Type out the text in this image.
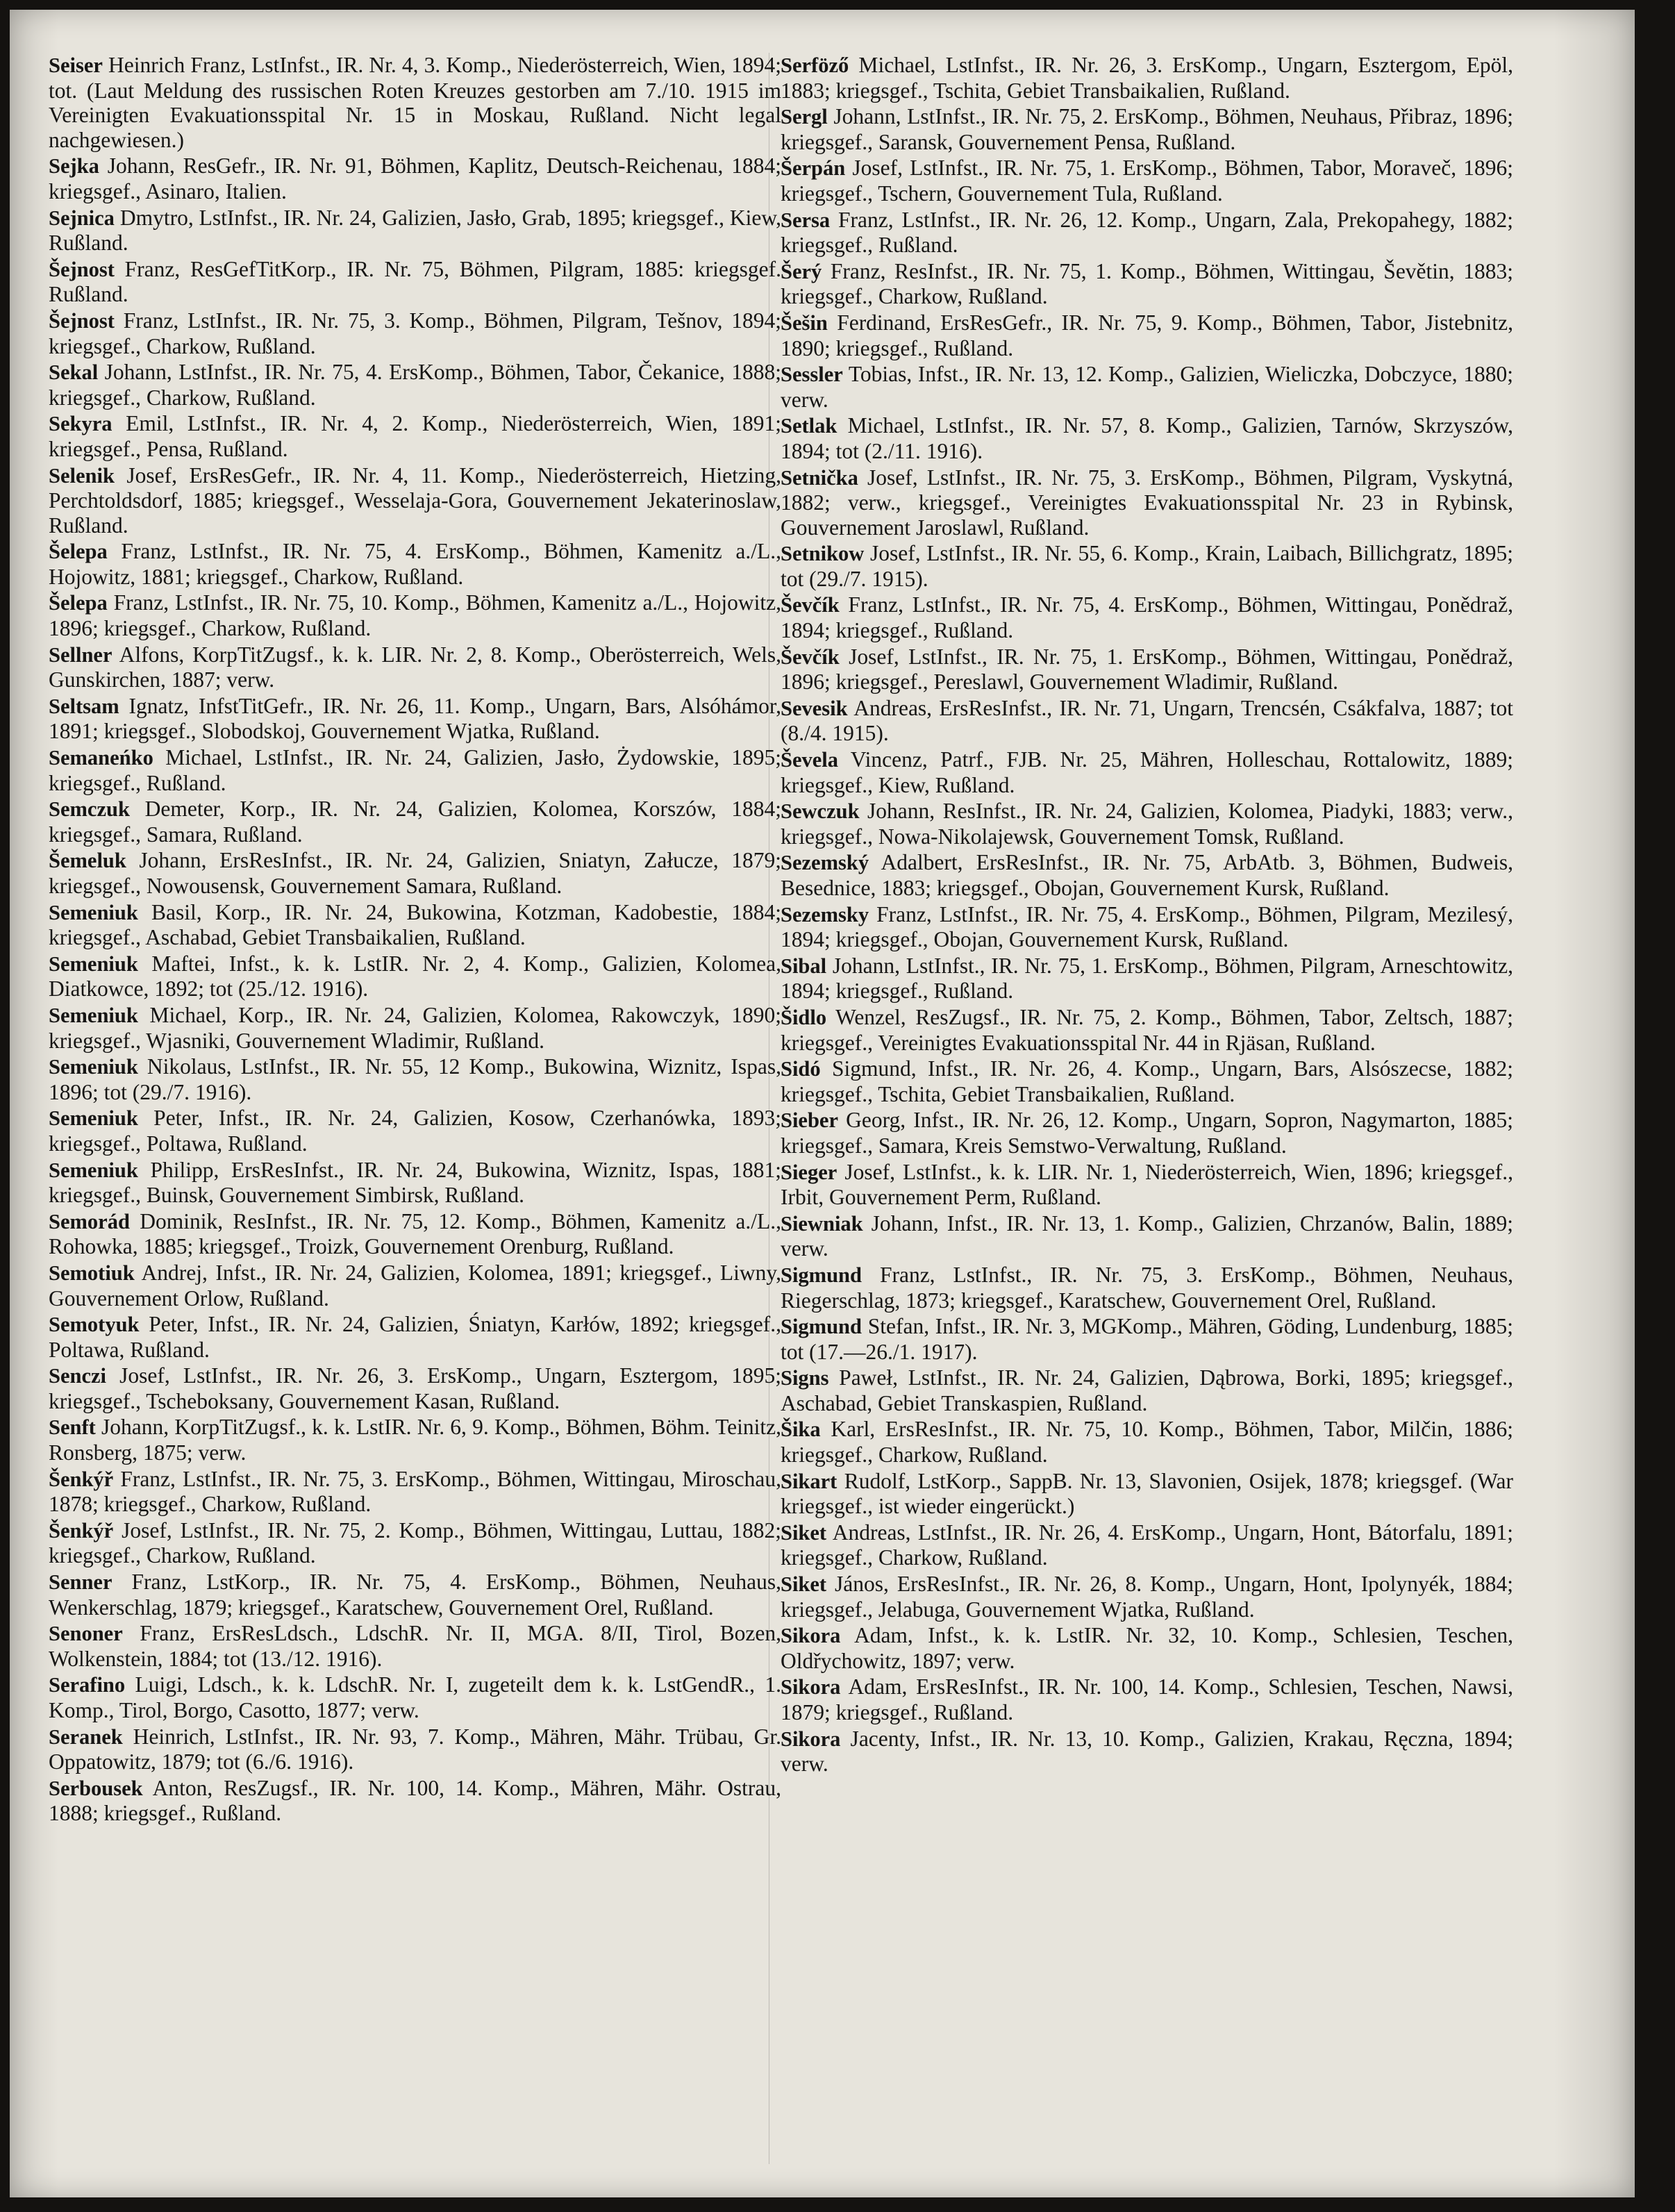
Seiser Heinrich Franz, LstInfst., IR. Nr. 4, 3. Komp., Niederösterreich, Wien, 1894; tot. (Laut Meldung des russischen Roten Kreuzes gestorben am 7./10. 1915 im Vereinigten Evakuationsspital Nr. 15 in Moskau, Rußland. Nicht legal nachgewiesen.)

Sejka Johann, ResGefr., IR. Nr. 91, Böhmen, Kaplitz, Deutsch-Reichenau, 1884; kriegsgef., Asinaro, Italien.

Sejnica Dmytro, LstInfst., IR. Nr. 24, Galizien, Jasło, Grab, 1895; kriegsgef., Kiew, Rußland.

Šejnost Franz, ResGefTitKorp., IR. Nr. 75, Böhmen, Pilgram, 1885: kriegsgef. Rußland.

Šejnost Franz, LstInfst., IR. Nr. 75, 3. Komp., Böhmen, Pilgram, Tešnov, 1894; kriegsgef., Charkow, Rußland.

Sekal Johann, LstInfst., IR. Nr. 75, 4. ErsKomp., Böhmen, Tabor, Čekanice, 1888; kriegsgef., Charkow, Rußland.

Sekyra Emil, LstInfst., IR. Nr. 4, 2. Komp., Niederösterreich, Wien, 1891; kriegsgef., Pensa, Rußland.

Selenik Josef, ErsResGefr., IR. Nr. 4, 11. Komp., Niederösterreich, Hietzing, Perchtoldsdorf, 1885; kriegsgef., Wesselaja-Gora, Gouvernement Jekaterinoslaw, Rußland.

Šelepa Franz, LstInfst., IR. Nr. 75, 4. ErsKomp., Böhmen, Kamenitz a./L., Hojowitz, 1881; kriegsgef., Charkow, Rußland.

Šelepa Franz, LstInfst., IR. Nr. 75, 10. Komp., Böhmen, Kamenitz a./L., Hojowitz, 1896; kriegsgef., Charkow, Rußland.

Sellner Alfons, KorpTitZugsf., k. k. LIR. Nr. 2, 8. Komp., Oberösterreich, Wels, Gunskirchen, 1887; verw.

Seltsam Ignatz, InfstTitGefr., IR. Nr. 26, 11. Komp., Ungarn, Bars, Alsóhámor, 1891; kriegsgef., Slobodskoj, Gouvernement Wjatka, Rußland.

Semaneńko Michael, LstInfst., IR. Nr. 24, Galizien, Jasło, Żydowskie, 1895; kriegsgef., Rußland.

Semczuk Demeter, Korp., IR. Nr. 24, Galizien, Kolomea, Korszów, 1884; kriegsgef., Samara, Rußland.

Šemeluk Johann, ErsResInfst., IR. Nr. 24, Galizien, Sniatyn, Załucze, 1879; kriegsgef., Nowousensk, Gouvernement Samara, Rußland.

Semeniuk Basil, Korp., IR. Nr. 24, Bukowina, Kotzman, Kadobestie, 1884; kriegsgef., Aschabad, Gebiet Transbaikalien, Rußland.

Semeniuk Maftei, Infst., k. k. LstIR. Nr. 2, 4. Komp., Galizien, Kolomea, Diatkowce, 1892; tot (25./12. 1916).

Semeniuk Michael, Korp., IR. Nr. 24, Galizien, Kolomea, Rakowczyk, 1890; kriegsgef., Wjasniki, Gouvernement Wladimir, Rußland.

Semeniuk Nikolaus, LstInfst., IR. Nr. 55, 12 Komp., Bukowina, Wiznitz, Ispas, 1896; tot (29./7. 1916).

Semeniuk Peter, Infst., IR. Nr. 24, Galizien, Kosow, Czerhanówka, 1893; kriegsgef., Poltawa, Rußland.

Semeniuk Philipp, ErsResInfst., IR. Nr. 24, Bukowina, Wiznitz, Ispas, 1881; kriegsgef., Buinsk, Gouvernement Simbirsk, Rußland.

Semorád Dominik, ResInfst., IR. Nr. 75, 12. Komp., Böhmen, Kamenitz a./L., Rohowka, 1885; kriegsgef., Troizk, Gouvernement Orenburg, Rußland.

Semotiuk Andrej, Infst., IR. Nr. 24, Galizien, Kolomea, 1891; kriegsgef., Liwny, Gouvernement Orlow, Rußland.

Semotyuk Peter, Infst., IR. Nr. 24, Galizien, Śniatyn, Karłów, 1892; kriegsgef., Poltawa, Rußland.

Senczi Josef, LstInfst., IR. Nr. 26, 3. ErsKomp., Ungarn, Esztergom, 1895; kriegsgef., Tscheboksany, Gouvernement Kasan, Rußland.

Senft Johann, KorpTitZugsf., k. k. LstIR. Nr. 6, 9. Komp., Böhmen, Böhm. Teinitz, Ronsberg, 1875; verw.

Šenkýř Franz, LstInfst., IR. Nr. 75, 3. ErsKomp., Böhmen, Wittingau, Miroschau, 1878; kriegsgef., Charkow, Rußland.

Šenkýř Josef, LstInfst., IR. Nr. 75, 2. Komp., Böhmen, Wittingau, Luttau, 1882; kriegsgef., Charkow, Rußland.

Senner Franz, LstKorp., IR. Nr. 75, 4. ErsKomp., Böhmen, Neuhaus, Wenkerschlag, 1879; kriegsgef., Karatschew, Gouvernement Orel, Rußland.

Senoner Franz, ErsResLdsch., LdschR. Nr. II, MGA. 8/II, Tirol, Bozen, Wolkenstein, 1884; tot (13./12. 1916).

Serafino Luigi, Ldsch., k. k. LdschR. Nr. I, zugeteilt dem k. k. LstGendR., 1. Komp., Tirol, Borgo, Casotto, 1877; verw.

Seranek Heinrich, LstInfst., IR. Nr. 93, 7. Komp., Mähren, Mähr. Trübau, Gr. Oppatowitz, 1879; tot (6./6. 1916).

Serbousek Anton, ResZugsf., IR. Nr. 100, 14. Komp., Mähren, Mähr. Ostrau, 1888; kriegsgef., Rußland.

Serföző Michael, LstInfst., IR. Nr. 26, 3. ErsKomp., Ungarn, Esztergom, Epöl, 1883; kriegsgef., Tschita, Gebiet Transbaikalien, Rußland.

Sergl Johann, LstInfst., IR. Nr. 75, 2. ErsKomp., Böhmen, Neuhaus, Přibraz, 1896; kriegsgef., Saransk, Gouvernement Pensa, Rußland.

Šerpán Josef, LstInfst., IR. Nr. 75, 1. ErsKomp., Böhmen, Tabor, Moraveč, 1896; kriegsgef., Tschern, Gouvernement Tula, Rußland.

Sersa Franz, LstInfst., IR. Nr. 26, 12. Komp., Ungarn, Zala, Prekopahegy, 1882; kriegsgef., Rußland.

Šerý Franz, ResInfst., IR. Nr. 75, 1. Komp., Böhmen, Wittingau, Ševětin, 1883; kriegsgef., Charkow, Rußland.

Šešin Ferdinand, ErsResGefr., IR. Nr. 75, 9. Komp., Böhmen, Tabor, Jistebnitz, 1890; kriegsgef., Rußland.

Sessler Tobias, Infst., IR. Nr. 13, 12. Komp., Galizien, Wieliczka, Dobczyce, 1880; verw.

Setlak Michael, LstInfst., IR. Nr. 57, 8. Komp., Galizien, Tarnów, Skrzyszów, 1894; tot (2./11. 1916).

Setnička Josef, LstInfst., IR. Nr. 75, 3. ErsKomp., Böhmen, Pilgram, Vyskytná, 1882; verw., kriegsgef., Vereinigtes Evakuationsspital Nr. 23 in Rybinsk, Gouvernement Jaroslawl, Rußland.

Setnikow Josef, LstInfst., IR. Nr. 55, 6. Komp., Krain, Laibach, Billichgratz, 1895; tot (29./7. 1915).

Ševčík Franz, LstInfst., IR. Nr. 75, 4. ErsKomp., Böhmen, Wittingau, Ponědraž, 1894; kriegsgef., Rußland.

Ševčík Josef, LstInfst., IR. Nr. 75, 1. ErsKomp., Böhmen, Wittingau, Ponědraž, 1896; kriegsgef., Pereslawl, Gouvernement Wladimir, Rußland.

Sevesik Andreas, ErsResInfst., IR. Nr. 71, Ungarn, Trencsén, Csákfalva, 1887; tot (8./4. 1915).

Ševela Vincenz, Patrf., FJB. Nr. 25, Mähren, Holleschau, Rottalowitz, 1889; kriegsgef., Kiew, Rußland.

Sewczuk Johann, ResInfst., IR. Nr. 24, Galizien, Kolomea, Piadyki, 1883; verw., kriegsgef., Nowa-Nikolajewsk, Gouvernement Tomsk, Rußland.

Sezemský Adalbert, ErsResInfst., IR. Nr. 75, ArbAtb. 3, Böhmen, Budweis, Besednice, 1883; kriegsgef., Obojan, Gouvernement Kursk, Rußland.

Sezemsky Franz, LstInfst., IR. Nr. 75, 4. ErsKomp., Böhmen, Pilgram, Mezilesý, 1894; kriegsgef., Obojan, Gouvernement Kursk, Rußland.

Sibal Johann, LstInfst., IR. Nr. 75, 1. ErsKomp., Böhmen, Pilgram, Arneschtowitz, 1894; kriegsgef., Rußland.

Šidlo Wenzel, ResZugsf., IR. Nr. 75, 2. Komp., Böhmen, Tabor, Zeltsch, 1887; kriegsgef., Vereinigtes Evakuationsspital Nr. 44 in Rjäsan, Rußland.

Sidó Sigmund, Infst., IR. Nr. 26, 4. Komp., Ungarn, Bars, Alsószecse, 1882; kriegsgef., Tschita, Gebiet Transbaikalien, Rußland.

Sieber Georg, Infst., IR. Nr. 26, 12. Komp., Ungarn, Sopron, Nagymarton, 1885; kriegsgef., Samara, Kreis Semstwo-Verwaltung, Rußland.

Sieger Josef, LstInfst., k. k. LIR. Nr. 1, Niederösterreich, Wien, 1896; kriegsgef., Irbit, Gouvernement Perm, Rußland.

Siewniak Johann, Infst., IR. Nr. 13, 1. Komp., Galizien, Chrzanów, Balin, 1889; verw.

Sigmund Franz, LstInfst., IR. Nr. 75, 3. ErsKomp., Böhmen, Neuhaus, Riegerschlag, 1873; kriegsgef., Karatschew, Gouvernement Orel, Rußland.

Sigmund Stefan, Infst., IR. Nr. 3, MGKomp., Mähren, Göding, Lundenburg, 1885; tot (17.—26./1. 1917).

Signs Paweł, LstInfst., IR. Nr. 24, Galizien, Dąbrowa, Borki, 1895; kriegsgef., Aschabad, Gebiet Transkaspien, Rußland.

Šika Karl, ErsResInfst., IR. Nr. 75, 10. Komp., Böhmen, Tabor, Milčin, 1886; kriegsgef., Charkow, Rußland.

Sikart Rudolf, LstKorp., SappB. Nr. 13, Slavonien, Osijek, 1878; kriegsgef. (War kriegsgef., ist wieder eingerückt.)

Siket Andreas, LstInfst., IR. Nr. 26, 4. ErsKomp., Ungarn, Hont, Bátorfalu, 1891; kriegsgef., Charkow, Rußland.

Siket János, ErsResInfst., IR. Nr. 26, 8. Komp., Ungarn, Hont, Ipolynyék, 1884; kriegsgef., Jelabuga, Gouvernement Wjatka, Rußland.

Sikora Adam, Infst., k. k. LstIR. Nr. 32, 10. Komp., Schlesien, Teschen, Oldřychowitz, 1897; verw.

Sikora Adam, ErsResInfst., IR. Nr. 100, 14. Komp., Schlesien, Teschen, Nawsi, 1879; kriegsgef., Rußland.

Sikora Jacenty, Infst., IR. Nr. 13, 10. Komp., Galizien, Krakau, Ręczna, 1894; verw.
